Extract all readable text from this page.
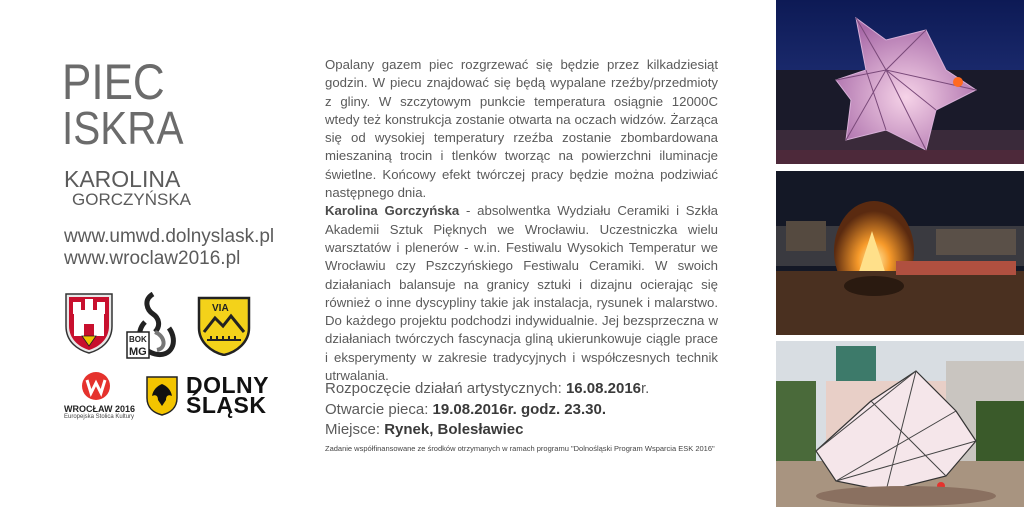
PIEC
ISKRA
KAROLINA
GORCZYŃSKA
www.umwd.dolnyslask.pl
www.wroclaw2016.pl
BOK
MG
VIA
WROCŁAW 2016
Europejska Stolica Kultury
DOLNY
ŚLĄSK

Opalany gazem piec rozgrzewać się będzie przez kilkadziesiąt godzin. W piecu znajdować się będą wypalane rzeźby/przedmioty z gliny. W szczytowym punkcie temperatura osiągnie 12000C wtedy też konstrukcja zostanie otwarta na oczach widzów. Żarząca się od wysokiej temperatury rzeźba zostanie zbombardowana mieszaniną trocin i tlenków tworząc na powierzchni iluminacje świetlne. Końcowy efekt twórczej pracy będzie można podziwiać następnego dnia.

Karolina Gorczyńska - absolwentka Wydziału Ceramiki i Szkła Akademii Sztuk Pięknych we Wrocławiu. Uczestniczka wielu warsztatów i plenerów - w.in. Festiwalu Wysokich Temperatur we Wrocławiu czy Pszczyńskiego Festiwalu Ceramiki. W swoich działaniach balansuje na granicy sztuki i dizajnu ocierając się również o inne dyscypliny takie jak instalacja, rysunek i malarstwo. Do każdego projektu podchodzi indywidualnie. Jej bezsprzeczna w działaniach twórczych fascynacja gliną ukierunkowuje ciągle prace i eksperymenty w zakresie tradycyjnych i współczesnych technik utrwalania.

Rozpoczęcie działań artystycznych: 16.08.2016r.
Otwarcie pieca: 19.08.2016r. godz. 23.30.
Miejsce: Rynek, Bolesławiec
Zadanie współfinansowane ze środków otrzymanych w ramach programu "Dolnośląski Program Wsparcia ESK 2016"
